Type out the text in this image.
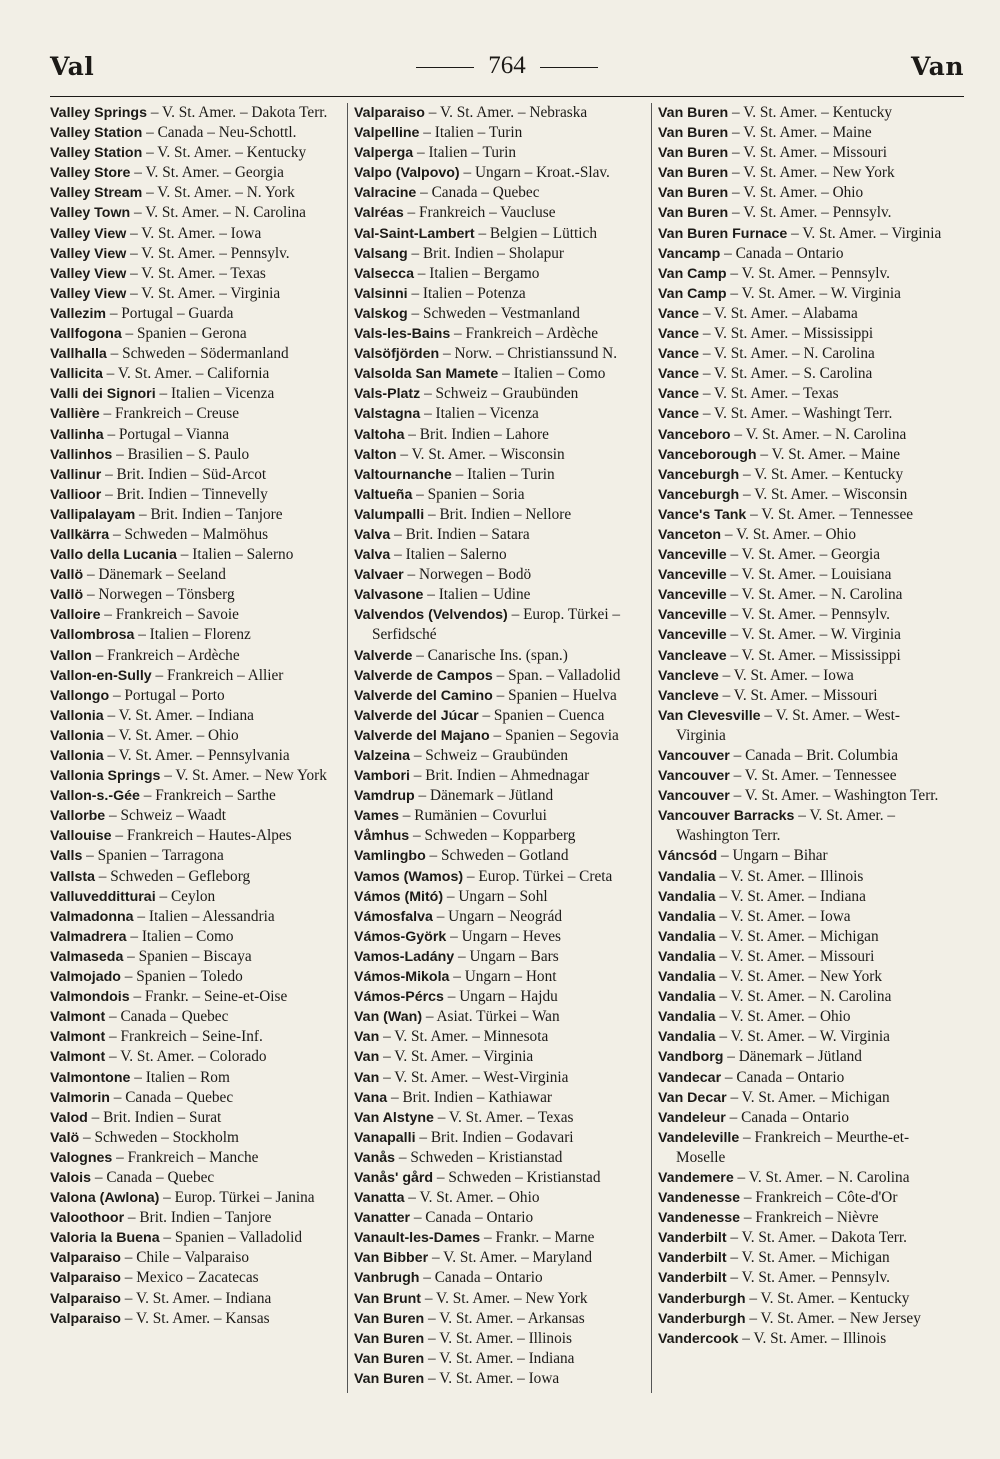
Val	764	Van
Valley Springs – V. St. Amer. – Dakota Terr.
Valley Station – Canada – Neu-Schottl.
Valley Station – V. St. Amer. – Kentucky
Valley Store – V. St. Amer. – Georgia
Valley Stream – V. St. Amer. – N. York
Valley Town – V. St. Amer. – N. Carolina
Valley View – V. St. Amer. – Iowa
Valley View – V. St. Amer. – Pennsylv.
Valley View – V. St. Amer. – Texas
Valley View – V. St. Amer. – Virginia
Vallezim – Portugal – Guarda
Vallfogona – Spanien – Gerona
Vallhalla – Schweden – Södermanland
Vallicita – V. St. Amer. – California
Valli dei Signori – Italien – Vicenza
Vallière – Frankreich – Creuse
Vallinha – Portugal – Vianna
Vallinhos – Brasilien – S. Paulo
Vallinur – Brit. Indien – Süd-Arcot
Vallioor – Brit. Indien – Tinnevelly
Vallipalayam – Brit. Indien – Tanjore
Vallkärra – Schweden – Malmöhus
Vallo della Lucania – Italien – Salerno
Vallö – Dänemark – Seeland
Vallö – Norwegen – Tönsberg
Valloire – Frankreich – Savoie
Vallombrosa – Italien – Florenz
Vallon – Frankreich – Ardèche
Vallon-en-Sully – Frankreich – Allier
Vallongo – Portugal – Porto
Vallonia – V. St. Amer. – Indiana
Vallonia – V. St. Amer. – Ohio
Vallonia – V. St. Amer. – Pennsylvania
Vallonia Springs – V. St. Amer. – New York
Vallon-s.-Gée – Frankreich – Sarthe
Vallorbe – Schweiz – Waadt
Vallouise – Frankreich – Hautes-Alpes
Valls – Spanien – Tarragona
Vallsta – Schweden – Gefleborg
Valluvedditturai – Ceylon
Valmadonna – Italien – Alessandria
Valmadrera – Italien – Como
Valmaseda – Spanien – Biscaya
Valmojado – Spanien – Toledo
Valmondois – Frankr. – Seine-et-Oise
Valmont – Canada – Quebec
Valmont – Frankreich – Seine-Inf.
Valmont – V. St. Amer. – Colorado
Valmontone – Italien – Rom
Valmorin – Canada – Quebec
Valod – Brit. Indien – Surat
Valö – Schweden – Stockholm
Valognes – Frankreich – Manche
Valois – Canada – Quebec
Valona (Awlona) – Europ. Türkei – Janina
Valoothoor – Brit. Indien – Tanjore
Valoria la Buena – Spanien – Valladolid
Valparaiso – Chile – Valparaiso
Valparaiso – Mexico – Zacatecas
Valparaiso – V. St. Amer. – Indiana
Valparaiso – V. St. Amer. – Kansas
Valparaiso – V. St. Amer. – Nebraska
Valpelline – Italien – Turin
Valperga – Italien – Turin
Valpo (Valpovo) – Ungarn – Kroat.-Slav.
Valracine – Canada – Quebec
Valréas – Frankreich – Vaucluse
Val-Saint-Lambert – Belgien – Lüttich
Valsang – Brit. Indien – Sholapur
Valsecca – Italien – Bergamo
Valsinni – Italien – Potenza
Valskog – Schweden – Vestmanland
Vals-les-Bains – Frankreich – Ardèche
Valsöfjörden – Norw. – Christianssund N.
Valsolda San Mamete – Italien – Como
Vals-Platz – Schweiz – Graubünden
Valstagna – Italien – Vicenza
Valtoha – Brit. Indien – Lahore
Valton – V. St. Amer. – Wisconsin
Valtournanche – Italien – Turin
Valtueña – Spanien – Soria
Valumpalli – Brit. Indien – Nellore
Valva – Brit. Indien – Satara
Valva – Italien – Salerno
Valvaer – Norwegen – Bodö
Valvasone – Italien – Udine
Valvendos (Velvendos) – Europ. Türkei – Serfidsché
Valverde – Canarische Ins. (span.)
Valverde de Campos – Span. – Valladolid
Valverde del Camino – Spanien – Huelva
Valverde del Júcar – Spanien – Cuenca
Valverde del Majano – Spanien – Segovia
Valzeina – Schweiz – Graubünden
Vambori – Brit. Indien – Ahmednagar
Vamdrup – Dänemark – Jütland
Vames – Rumänien – Covurlui
Våmhus – Schweden – Kopparberg
Vamlingbo – Schweden – Gotland
Vamos (Wamos) – Europ. Türkei – Creta
Vámos (Mitó) – Ungarn – Sohl
Vámosfalva – Ungarn – Neográd
Vámos-Györk – Ungarn – Heves
Vamos-Ladány – Ungarn – Bars
Vámos-Mikola – Ungarn – Hont
Vámos-Pércs – Ungarn – Hajdu
Van (Wan) – Asiat. Türkei – Wan
Van – V. St. Amer. – Minnesota
Van – V. St. Amer. – Virginia
Van – V. St. Amer. – West-Virginia
Vana – Brit. Indien – Kathiawar
Van Alstyne – V. St. Amer. – Texas
Vanapalli – Brit. Indien – Godavari
Vanås – Schweden – Kristianstad
Vanås' gård – Schweden – Kristianstad
Vanatta – V. St. Amer. – Ohio
Vanatter – Canada – Ontario
Vanault-les-Dames – Frankr. – Marne
Van Bibber – V. St. Amer. – Maryland
Vanbrugh – Canada – Ontario
Van Brunt – V. St. Amer. – New York
Van Buren – V. St. Amer. – Arkansas
Van Buren – V. St. Amer. – Illinois
Van Buren – V. St. Amer. – Indiana
Van Buren – V. St. Amer. – Iowa
Van Buren – V. St. Amer. – Kentucky
Van Buren – V. St. Amer. – Maine
Van Buren – V. St. Amer. – Missouri
Van Buren – V. St. Amer. – New York
Van Buren – V. St. Amer. – Ohio
Van Buren – V. St. Amer. – Pennsylv.
Van Buren Furnace – V. St. Amer. – Virginia
Vancamp – Canada – Ontario
Van Camp – V. St. Amer. – Pennsylv.
Van Camp – V. St. Amer. – W. Virginia
Vance – V. St. Amer. – Alabama
Vance – V. St. Amer. – Mississippi
Vance – V. St. Amer. – N. Carolina
Vance – V. St. Amer. – S. Carolina
Vance – V. St. Amer. – Texas
Vance – V. St. Amer. – Washingt Terr.
Vanceboro – V. St. Amer. – N. Carolina
Vanceborough – V. St. Amer. – Maine
Vanceburgh – V. St. Amer. – Kentucky
Vanceburgh – V. St. Amer. – Wisconsin
Vance's Tank – V. St. Amer. – Tennessee
Vanceton – V. St. Amer. – Ohio
Vanceville – V. St. Amer. – Georgia
Vanceville – V. St. Amer. – Louisiana
Vanceville – V. St. Amer. – N. Carolina
Vanceville – V. St. Amer. – Pennsylv.
Vanceville – V. St. Amer. – W. Virginia
Vancleave – V. St. Amer. – Mississippi
Vancleve – V. St. Amer. – Iowa
Vancleve – V. St. Amer. – Missouri
Van Clevesville – V. St. Amer. – West-Virginia
Vancouver – Canada – Brit. Columbia
Vancouver – V. St. Amer. – Tennessee
Vancouver – V. St. Amer. – Washington Terr.
Vancouver Barracks – V. St. Amer. – Washington Terr.
Váncsód – Ungarn – Bihar
Vandalia – V. St. Amer. – Illinois
Vandalia – V. St. Amer. – Indiana
Vandalia – V. St. Amer. – Iowa
Vandalia – V. St. Amer. – Michigan
Vandalia – V. St. Amer. – Missouri
Vandalia – V. St. Amer. – New York
Vandalia – V. St. Amer. – N. Carolina
Vandalia – V. St. Amer. – Ohio
Vandalia – V. St. Amer. – W. Virginia
Vandborg – Dänemark – Jütland
Vandecar – Canada – Ontario
Van Decar – V. St. Amer. – Michigan
Vandeleur – Canada – Ontario
Vandeleville – Frankreich – Meurthe-et-Moselle
Vandemere – V. St. Amer. – N. Carolina
Vandenesse – Frankreich – Côte-d'Or
Vandenesse – Frankreich – Nièvre
Vanderbilt – V. St. Amer. – Dakota Terr.
Vanderbilt – V. St. Amer. – Michigan
Vanderbilt – V. St. Amer. – Pennsylv.
Vanderburgh – V. St. Amer. – Kentucky
Vanderburgh – V. St. Amer. – New Jersey
Vandercook – V. St. Amer. – Illinois
